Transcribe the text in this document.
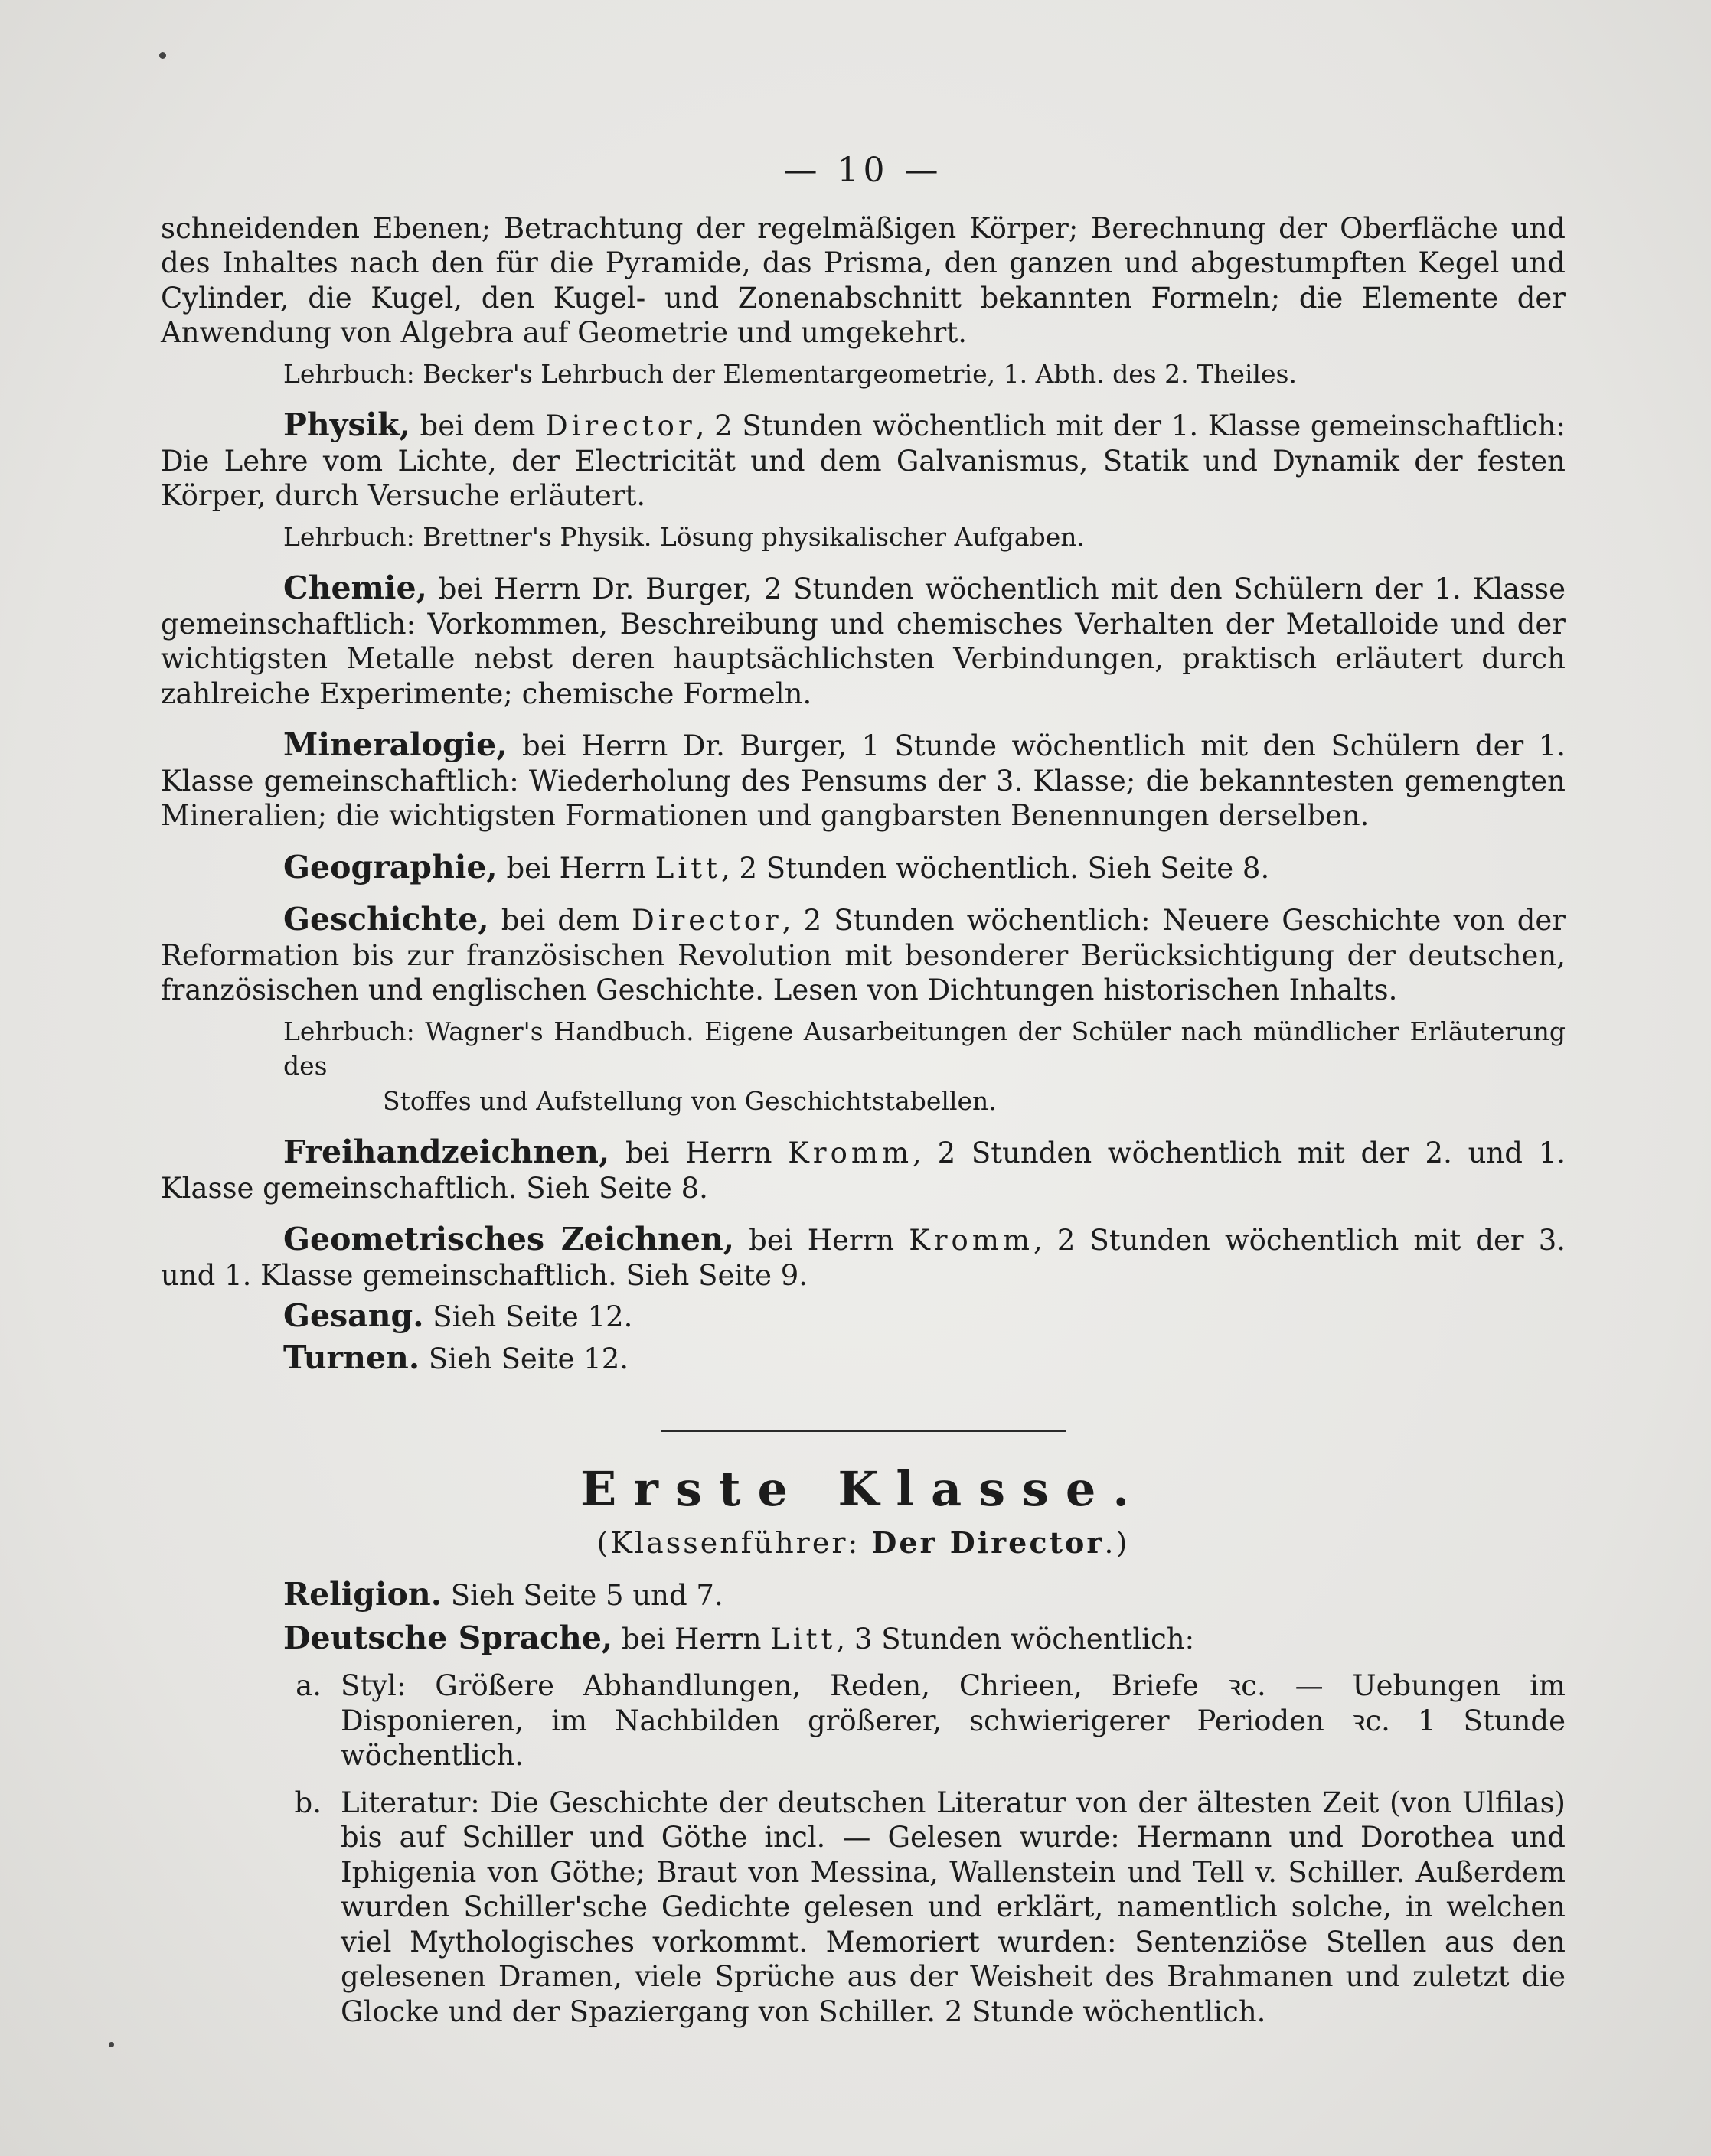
— 10 —

schneidenden Ebenen; Betrachtung der regelmäßigen Körper; Berechnung der Oberfläche und des Inhaltes nach den für die Pyramide, das Prisma, den ganzen und abgestumpften Kegel und Cylinder, die Kugel, den Kugel- und Zonenabschnitt bekannten Formeln; die Elemente der Anwendung von Algebra auf Geometrie und umgekehrt.

Lehrbuch: Becker's Lehrbuch der Elementargeometrie, 1. Abth. des 2. Theiles.

Physik, bei dem Director, 2 Stunden wöchentlich mit der 1. Klasse gemeinschaftlich: Die Lehre vom Lichte, der Electricität und dem Galvanismus, Statik und Dynamik der festen Körper, durch Versuche erläutert.

Lehrbuch: Brettner's Physik. Lösung physikalischer Aufgaben.

Chemie, bei Herrn Dr. Burger, 2 Stunden wöchentlich mit den Schülern der 1. Klasse gemeinschaftlich: Vorkommen, Beschreibung und chemisches Verhalten der Metalloide und der wichtigsten Metalle nebst deren hauptsächlichsten Verbindungen, praktisch erläutert durch zahlreiche Experimente; chemische Formeln.

Mineralogie, bei Herrn Dr. Burger, 1 Stunde wöchentlich mit den Schülern der 1. Klasse gemeinschaftlich: Wiederholung des Pensums der 3. Klasse; die bekanntesten gemengten Mineralien; die wichtigsten Formationen und gangbarsten Benennungen derselben.

Geographie, bei Herrn Litt, 2 Stunden wöchentlich. Sieh Seite 8.

Geschichte, bei dem Director, 2 Stunden wöchentlich: Neuere Geschichte von der Reformation bis zur französischen Revolution mit besonderer Berücksichtigung der deutschen, französischen und englischen Geschichte. Lesen von Dichtungen historischen Inhalts.

Lehrbuch: Wagner's Handbuch. Eigene Ausarbeitungen der Schüler nach mündlicher Erläuterung des
Stoffes und Aufstellung von Geschichtstabellen.

Freihandzeichnen, bei Herrn Kromm, 2 Stunden wöchentlich mit der 2. und 1. Klasse gemeinschaftlich. Sieh Seite 8.

Geometrisches Zeichnen, bei Herrn Kromm, 2 Stunden wöchentlich mit der 3. und 1. Klasse gemeinschaftlich. Sieh Seite 9.

Gesang. Sieh Seite 12.

Turnen. Sieh Seite 12.

Erste Klasse.
(Klassenführer: Der Director.)

Religion. Sieh Seite 5 und 7.

Deutsche Sprache, bei Herrn Litt, 3 Stunden wöchentlich:

a. Styl: Größere Abhandlungen, Reden, Chrieen, Briefe ꝛc. — Uebungen im Disponieren, im Nachbilden größerer, schwierigerer Perioden ꝛc. 1 Stunde wöchentlich.
b. Literatur: Die Geschichte der deutschen Literatur von der ältesten Zeit (von Ulfilas) bis auf Schiller und Göthe incl. — Gelesen wurde: Hermann und Dorothea und Iphigenia von Göthe; Braut von Messina, Wallenstein und Tell v. Schiller. Außerdem wurden Schiller'sche Gedichte gelesen und erklärt, namentlich solche, in welchen viel Mythologisches vorkommt. Memoriert wurden: Sentenziöse Stellen aus den gelesenen Dramen, viele Sprüche aus der Weisheit des Brahmanen und zuletzt die Glocke und der Spaziergang von Schiller. 2 Stunde wöchentlich.
